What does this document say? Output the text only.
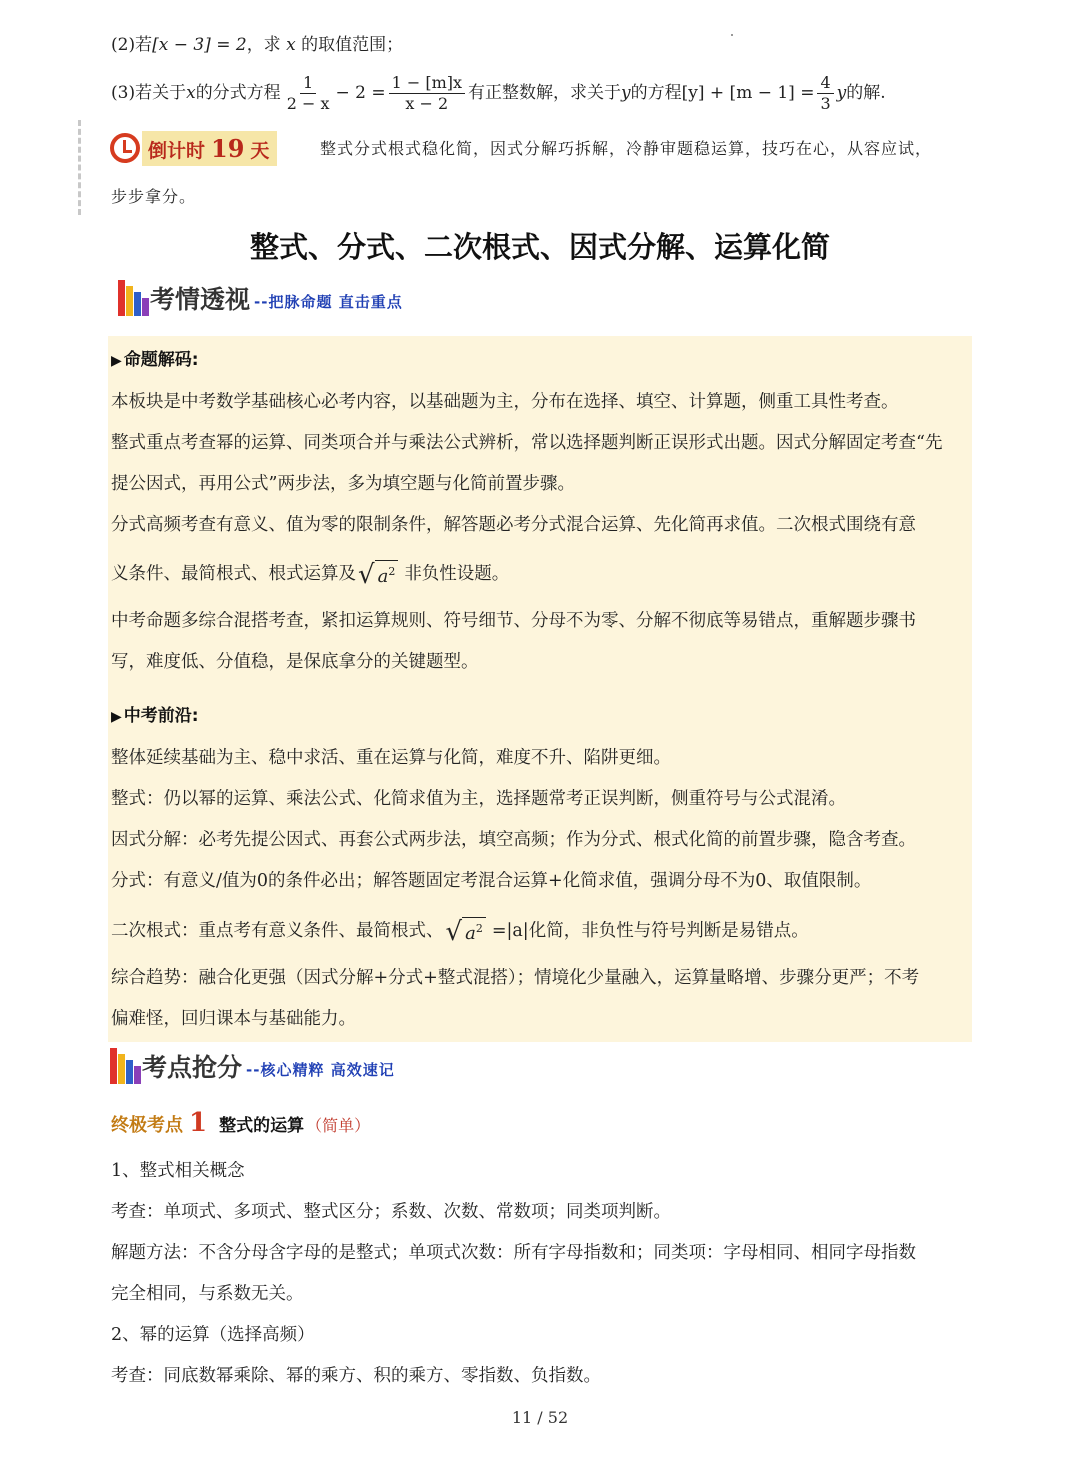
(2)若[x − 3] = 2，求 x 的取值范围；
(3)若关于 x 的分式方程 $\frac{1}{2 - x} - 2 = \frac{1 - [m]x}{x - 2}$ 有正整数解，求关于 y 的方程 $[y] + [m - 1] = \frac{4}{3}$ y 的解.
倒计时 19 天	整式分式根式稳化简，因式分解巧拆解，冷静审题稳运算，技巧在心，从容应试，
步步拿分。
整式、分式、二次根式、因式分解、运算化简
考情透视 --把脉命题 直击重点
▶ 命题解码:
本板块是中考数学基础核心必考内容，以基础题为主，分布在选择、填空、计算题，侧重工具性考查。
整式重点考查幂的运算、同类项合并与乘法公式辨析，常以选择题判断正误形式出题。因式分解固定考查“先
提公因式，再用公式”两步法，多为填空题与化简前置步骤。
分式高频考查有意义、值为零的限制条件，解答题必考分式混合运算、先化简再求值。二次根式围绕有意
义条件、最简根式、根式运算及 √ $a^2$ 非负性设题。
中考命题多综合混搭考查，紧扣运算规则、符号细节、分母不为零、分解不彻底等易错点，重解题步骤书
写，难度低、分值稳，是保底拿分的关键题型。
▶ 中考前沿:
整体延续基础为主、稳中求活、重在运算与化简，难度不升、陷阱更细。
整式：仍以幂的运算、乘法公式、化简求值为主，选择题常考正误判断，侧重符号与公式混淆。
因式分解：必考先提公因式、再套公式两步法，填空高频；作为分式、根式化简的前置步骤，隐含考查。
分式：有意义/值为0的条件必出；解答题固定考混合运算+化简求值，强调分母不为0、取值限制。
二次根式：重点考有意义条件、最简根式、 √ $a^2 =|a|$化简，非负性与符号判断是易错点。
综合趋势：融合化更强（因式分解+分式+整式混搭）；情境化少量融入，运算量略增、步骤分更严；不考
偏难怪，回归课本与基础能力。
考点抢分 --核心精粹 高效速记
终极考点 1 整式的运算 （简单）
1、整式相关概念
考查：单项式、多项式、整式区分；系数、次数、常数项；同类项判断。
解题方法：不含分母含字母的是整式；单项式次数：所有字母指数和；同类项：字母相同、相同字母指数
完全相同，与系数无关。
2、幂的运算（选择高频）
考查：同底数幂乘除、幂的乘方、积的乘方、零指数、负指数。
11 / 52
